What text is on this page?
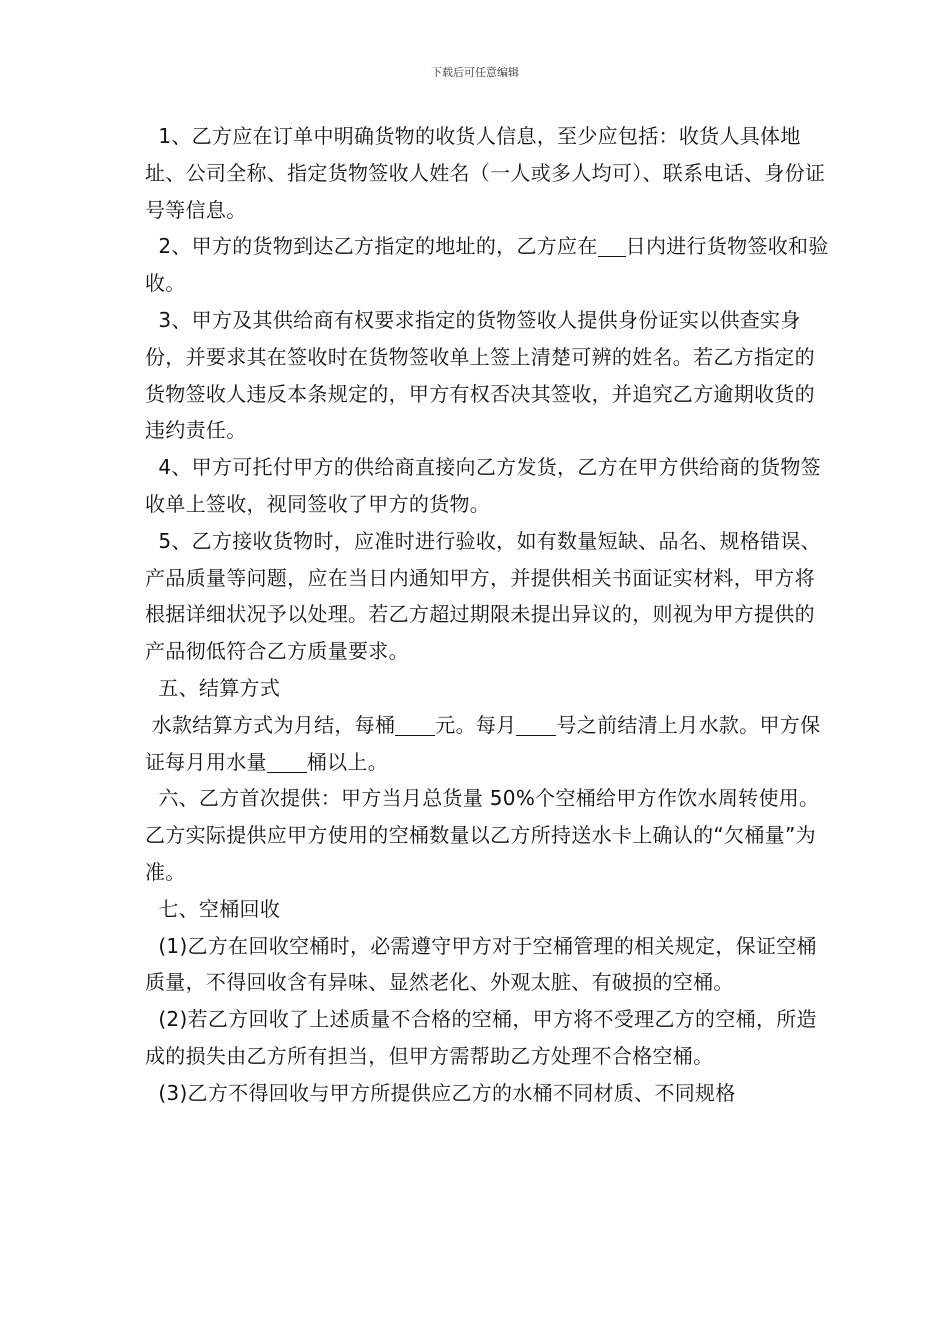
下载后可任意编辑

1、乙方应在订单中明确货物的收货人信息，至少应包括：收货人具体地址、公司全称、指定货物签收人姓名（一人或多人均可）、联系电话、身份证号等信息。

2、甲方的货物到达乙方指定的地址的，乙方应在 日内进行货物签收和验收。

3、甲方及其供给商有权要求指定的货物签收人提供身份证实以供查实身份，并要求其在签收时在货物签收单上签上清楚可辨的姓名。若乙方指定的货物签收人违反本条规定的，甲方有权否决其签收，并追究乙方逾期收货的违约责任。

4、甲方可托付甲方的供给商直接向乙方发货，乙方在甲方供给商的货物签收单上签收，视同签收了甲方的货物。

5、乙方接收货物时，应准时进行验收，如有数量短缺、品名、规格错误、产品质量等问题，应在当日内通知甲方，并提供相关书面证实材料，甲方将根据详细状况予以处理。若乙方超过期限未提出异议的，则视为甲方提供的产品彻低符合乙方质量要求。

五、结算方式

水款结算方式为月结，每桶 元。每月 号之前结清上月水款。甲方保证每月用水量 桶以上。

六、乙方首次提供：甲方当月总货量 50%个空桶给甲方作饮水周转使用。乙方实际提供应甲方使用的空桶数量以乙方所持送水卡上确认的“欠桶量”为准。

七、空桶回收

(1)乙方在回收空桶时，必需遵守甲方对于空桶管理的相关规定，保证空桶质量，不得回收含有异味、显然老化、外观太脏、有破损的空桶。

(2)若乙方回收了上述质量不合格的空桶，甲方将不受理乙方的空桶，所造成的损失由乙方所有担当，但甲方需帮助乙方处理不合格空桶。

(3)乙方不得回收与甲方所提供应乙方的水桶不同材质、不同规格
